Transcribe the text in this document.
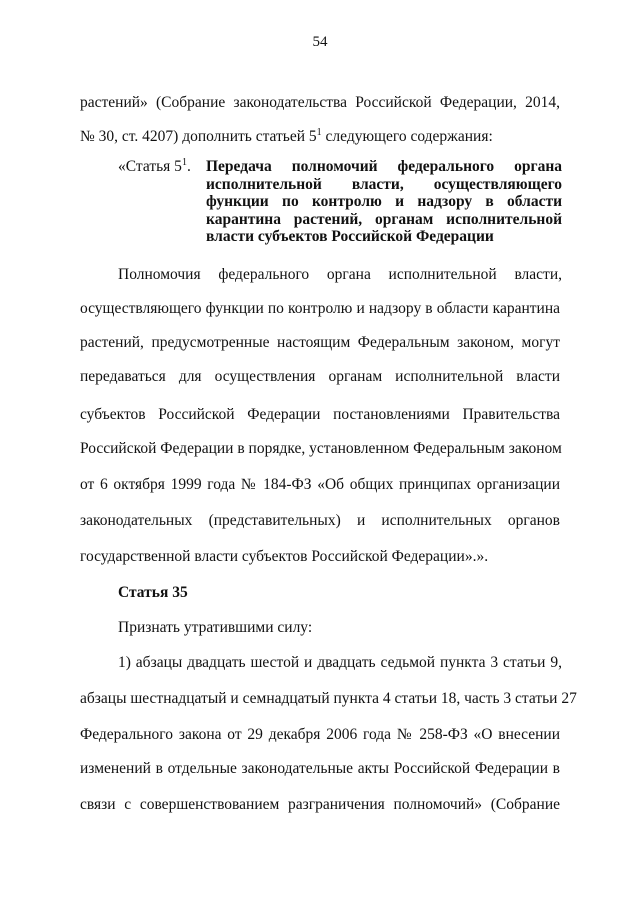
54
растений» (Собрание законодательства Российской Федерации, 2014,
№ 30, ст. 4207) дополнить статьей $5^1$ следующего содержания:
«Статья $5^1$. Передача полномочий федерального органа
исполнительной власти, осуществляющего
функции по контролю и надзору в области
карантина растений, органам исполнительной
власти субъектов Российской Федерации
Полномочия федерального органа исполнительной власти,
осуществляющего функции по контролю и надзору в области карантина
растений, предусмотренные настоящим Федеральным законом, могут
передаваться для осуществления органам исполнительной власти
субъектов Российской Федерации постановлениями Правительства
Российской Федерации в порядке, установленном Федеральным законом
от 6 октября 1999 года № 184-ФЗ «Об общих принципах организации
законодательных (представительных) и исполнительных органов
государственной власти субъектов Российской Федерации».».
Статья 35
Признать утратившими силу:
1) абзацы двадцать шестой и двадцать седьмой пункта 3 статьи 9,
абзацы шестнадцатый и семнадцатый пункта 4 статьи 18, часть 3 статьи 27
Федерального закона от 29 декабря 2006 года № 258-ФЗ «О внесении
изменений в отдельные законодательные акты Российской Федерации в
связи с совершенствованием разграничения полномочий» (Собрание
